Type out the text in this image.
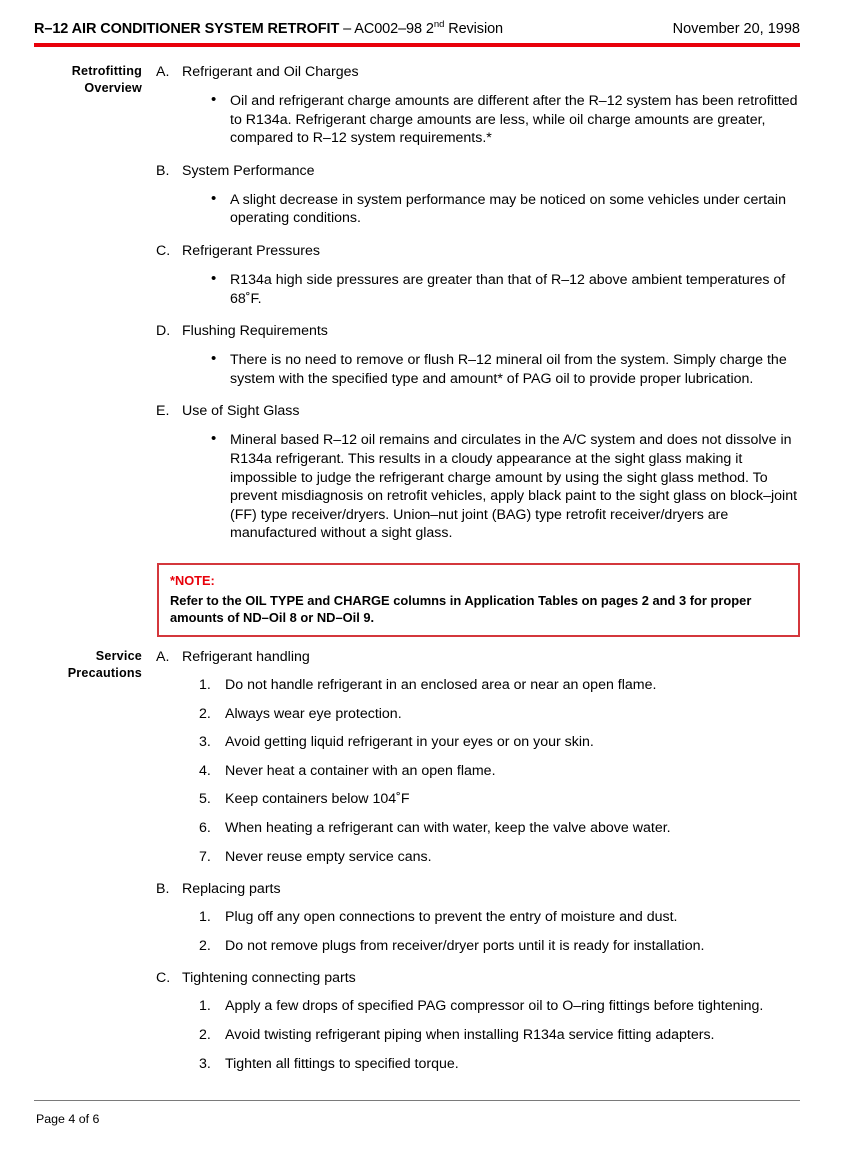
R–12 AIR CONDITIONER SYSTEM RETROFIT – AC002–98 2nd Revision	November 20, 1998
Retrofitting
Overview
A. Refrigerant and Oil Charges
• Oil and refrigerant charge amounts are different after the R–12 system has been retrofitted to R134a. Refrigerant charge amounts are less, while oil charge amounts are greater, compared to R–12 system requirements.*
B. System Performance
• A slight decrease in system performance may be noticed on some vehicles under certain operating conditions.
C. Refrigerant Pressures
• R134a high side pressures are greater than that of R–12 above ambient temperatures of 68˚F.
D. Flushing Requirements
• There is no need to remove or flush R–12 mineral oil from the system. Simply charge the system with the specified type and amount* of PAG oil to provide proper lubrication.
E. Use of Sight Glass
• Mineral based R–12 oil remains and circulates in the A/C system and does not dissolve in R134a refrigerant. This results in a cloudy appearance at the sight glass making it impossible to judge the refrigerant charge amount by using the sight glass method. To prevent misdiagnosis on retrofit vehicles, apply black paint to the sight glass on block–joint (FF) type receiver/dryers. Union–nut joint (BAG) type retrofit receiver/dryers are manufactured without a sight glass.
*NOTE:
Refer to the OIL TYPE and CHARGE columns in Application Tables on pages 2 and 3 for proper amounts of ND–Oil 8 or ND–Oil 9.
Service
Precautions
A. Refrigerant handling
1. Do not handle refrigerant in an enclosed area or near an open flame.
2. Always wear eye protection.
3. Avoid getting liquid refrigerant in your eyes or on your skin.
4. Never heat a container with an open flame.
5. Keep containers below 104˚F
6. When heating a refrigerant can with water, keep the valve above water.
7. Never reuse empty service cans.
B. Replacing parts
1. Plug off any open connections to prevent the entry of moisture and dust.
2. Do not remove plugs from receiver/dryer ports until it is ready for installation.
C. Tightening connecting parts
1. Apply a few drops of specified PAG compressor oil to O–ring fittings before tightening.
2. Avoid twisting refrigerant piping when installing R134a service fitting adapters.
3. Tighten all fittings to specified torque.
Page 4 of 6
